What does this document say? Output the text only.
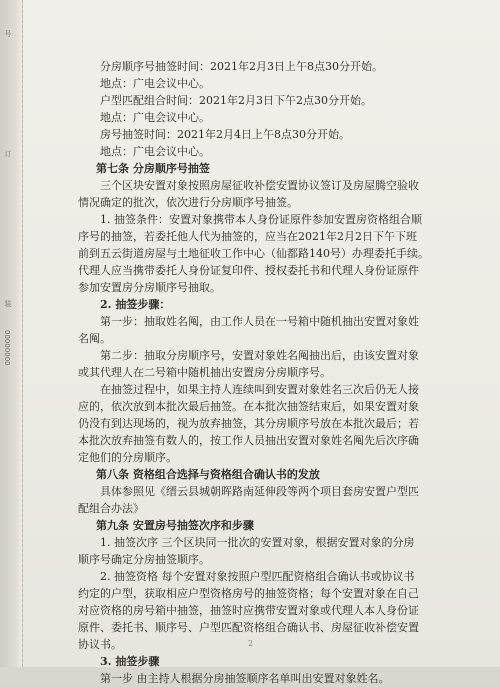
号
订
装
00000000
分房顺序号抽签时间：2021年2月3日上午8点30分开始。
地点：广电会议中心。
户型匹配组合时间：2021年2月3日下午2点30分开始。
地点：广电会议中心。
房号抽签时间：2021年2月4日上午8点30分开始。
地点：广电会议中心。
第七条 分房顺序号抽签
三个区块安置对象按照房屋征收补偿安置协议签订及房屋腾空验收
情况确定的批次，依次进行分房顺序号抽签。
1. 抽签条件：安置对象携带本人身份证原件参加安置房资格组合顺
序号的抽签，若委托他人代为抽签的，应当在2021年2月2日下午下班
前到五云街道房屋与土地征收工作中心（仙都路140号）办理委托手续。
代理人应当携带委托人身份证复印件、授权委托书和代理人身份证原件
参加安置房分房顺序号抽取。
2. 抽签步骤：
第一步：抽取姓名阄，由工作人员在一号箱中随机抽出安置对象姓
名阄。
第二步：抽取分房顺序号，安置对象姓名阄抽出后，由该安置对象
或其代理人在二号箱中随机抽出安置房分房顺序号。
在抽签过程中，如果主持人连续叫到安置对象姓名三次后仍无人接
应的，依次放到本批次最后抽签。在本批次抽签结束后，如果安置对象
仍没有到达现场的，视为放弃抽签，其分房顺序号放在本批次最后；若
本批次放弃抽签有数人的，按工作人员抽出安置对象姓名阄先后次序确
定他们的分房顺序。
第八条 资格组合选择与资格组合确认书的发放
具体参照见《缙云县城朝晖路南延伸段等两个项目套房安置户型匹
配组合办法》
第九条 安置房号抽签次序和步骤
1. 抽签次序 三个区块同一批次的安置对象，根据安置对象的分房
顺序号确定分房抽签顺序。
2. 抽签资格 每个安置对象按照户型匹配资格组合确认书或协议书
约定的户型，获取相应户型资格房号的抽签资格；每个安置对象在自己
对应资格的房号箱中抽签，抽签时应携带安置对象或代理人本人身份证
原件、委托书、顺序号、户型匹配资格组合确认书、房屋征收补偿安置
协议书。
3. 抽签步骤
第一步 由主持人根据分房抽签顺序名单叫出安置对象姓名。
2
